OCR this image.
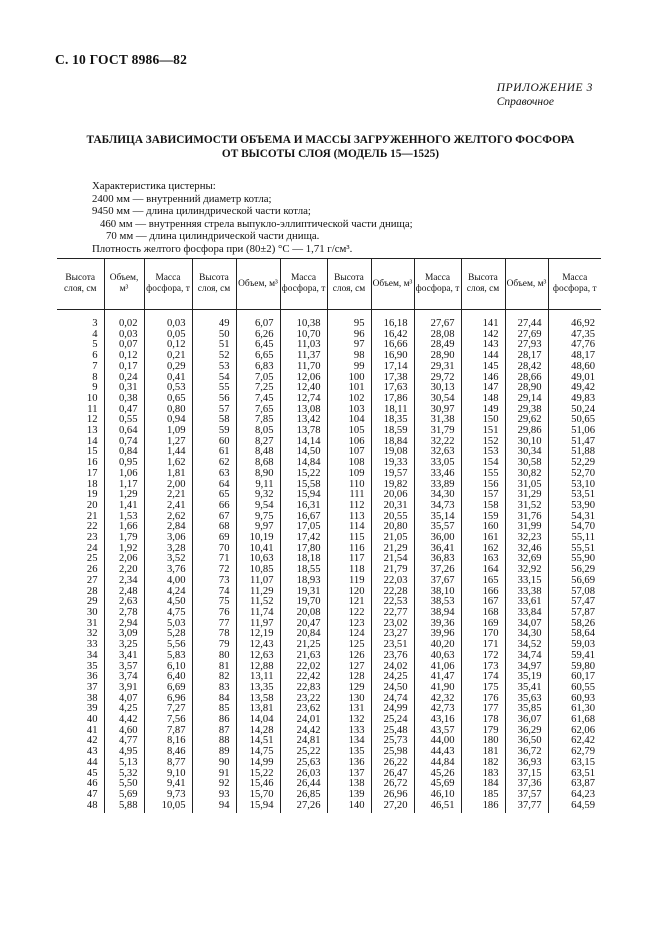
С. 10 ГОСТ 8986—82
ПРИЛОЖЕНИЕ 3
Справочное
ТАБЛИЦА ЗАВИСИМОСТИ ОБЪЕМА И МАССЫ ЗАГРУЖЕННОГО ЖЕЛТОГО ФОСФОРА
ОТ ВЫСОТЫ СЛОЯ (МОДЕЛЬ 15—1525)
Характеристика цистерны:
2400 мм — внутренний диаметр котла;
9450 мм — длина цилиндрической части котла;
460 мм — внутренняя стрела выпукло-эллиптической части днища;
70 мм — длина цилиндрической части днища.
Плотность желтого фосфора при (80±2) °С — 1,71 г/см³.
Высота слоя, см	Объем, м³	Масса фосфора, т	Высота слоя, см	Объем, м³	Масса фосфора, т	Высота слоя, см	Объем, м³	Масса фосфора, т	Высота слоя, см	Объем, м³	Масса фосфора, т

3	0,02	0,03	49	6,07	10,38	95	16,18	27,67	141	27,44	46,92
4	0,03	0,05	50	6,26	10,70	96	16,42	28,08	142	27,69	47,35
5	0,07	0,12	51	6,45	11,03	97	16,66	28,49	143	27,93	47,76
6	0,12	0,21	52	6,65	11,37	98	16,90	28,90	144	28,17	48,17
7	0,17	0,29	53	6,83	11,70	99	17,14	29,31	145	28,42	48,60
8	0,24	0,41	54	7,05	12,06	100	17,38	29,72	146	28,66	49,01
9	0,31	0,53	55	7,25	12,40	101	17,63	30,13	147	28,90	49,42
10	0,38	0,65	56	7,45	12,74	102	17,86	30,54	148	29,14	49,83
11	0,47	0,80	57	7,65	13,08	103	18,11	30,97	149	29,38	50,24
12	0,55	0,94	58	7,85	13,42	104	18,35	31,38	150	29,62	50,65
13	0,64	1,09	59	8,05	13,78	105	18,59	31,79	151	29,86	51,06
14	0,74	1,27	60	8,27	14,14	106	18,84	32,22	152	30,10	51,47
15	0,84	1,44	61	8,48	14,50	107	19,08	32,63	153	30,34	51,88
16	0,95	1,62	62	8,68	14,84	108	19,33	33,05	154	30,58	52,29
17	1,06	1,81	63	8,90	15,22	109	19,57	33,46	155	30,82	52,70
18	1,17	2,00	64	9,11	15,58	110	19,82	33,89	156	31,05	53,10
19	1,29	2,21	65	9,32	15,94	111	20,06	34,30	157	31,29	53,51
20	1,41	2,41	66	9,54	16,31	112	20,31	34,73	158	31,52	53,90
21	1,53	2,62	67	9,75	16,67	113	20,55	35,14	159	31,76	54,31
22	1,66	2,84	68	9,97	17,05	114	20,80	35,57	160	31,99	54,70
23	1,79	3,06	69	10,19	17,42	115	21,05	36,00	161	32,23	55,11
24	1,92	3,28	70	10,41	17,80	116	21,29	36,41	162	32,46	55,51
25	2,06	3,52	71	10,63	18,18	117	21,54	36,83	163	32,69	55,90
26	2,20	3,76	72	10,85	18,55	118	21,79	37,26	164	32,92	56,29
27	2,34	4,00	73	11,07	18,93	119	22,03	37,67	165	33,15	56,69
28	2,48	4,24	74	11,29	19,31	120	22,28	38,10	166	33,38	57,08
29	2,63	4,50	75	11,52	19,70	121	22,53	38,53	167	33,61	57,47
30	2,78	4,75	76	11,74	20,08	122	22,77	38,94	168	33,84	57,87
31	2,94	5,03	77	11,97	20,47	123	23,02	39,36	169	34,07	58,26
32	3,09	5,28	78	12,19	20,84	124	23,27	39,96	170	34,30	58,64
33	3,25	5,56	79	12,43	21,25	125	23,51	40,20	171	34,52	59,03
34	3,41	5,83	80	12,63	21,63	126	23,76	40,63	172	34,74	59,41
35	3,57	6,10	81	12,88	22,02	127	24,02	41,06	173	34,97	59,80
36	3,74	6,40	82	13,11	22,42	128	24,25	41,47	174	35,19	60,17
37	3,91	6,69	83	13,35	22,83	129	24,50	41,90	175	35,41	60,55
38	4,07	6,96	84	13,58	23,22	130	24,74	42,32	176	35,63	60,93
39	4,25	7,27	85	13,81	23,62	131	24,99	42,73	177	35,85	61,30
40	4,42	7,56	86	14,04	24,01	132	25,24	43,16	178	36,07	61,68
41	4,60	7,87	87	14,28	24,42	133	25,48	43,57	179	36,29	62,06
42	4,77	8,16	88	14,51	24,81	134	25,73	44,00	180	36,50	62,42
43	4,95	8,46	89	14,75	25,22	135	25,98	44,43	181	36,72	62,79
44	5,13	8,77	90	14,99	25,63	136	26,22	44,84	182	36,93	63,15
45	5,32	9,10	91	15,22	26,03	137	26,47	45,26	183	37,15	63,51
46	5,50	9,41	92	15,46	26,44	138	26,72	45,69	184	37,36	63,87
47	5,69	9,73	93	15,70	26,85	139	26,96	46,10	185	37,57	64,23
48	5,88	10,05	94	15,94	27,26	140	27,20	46,51	186	37,77	64,59
